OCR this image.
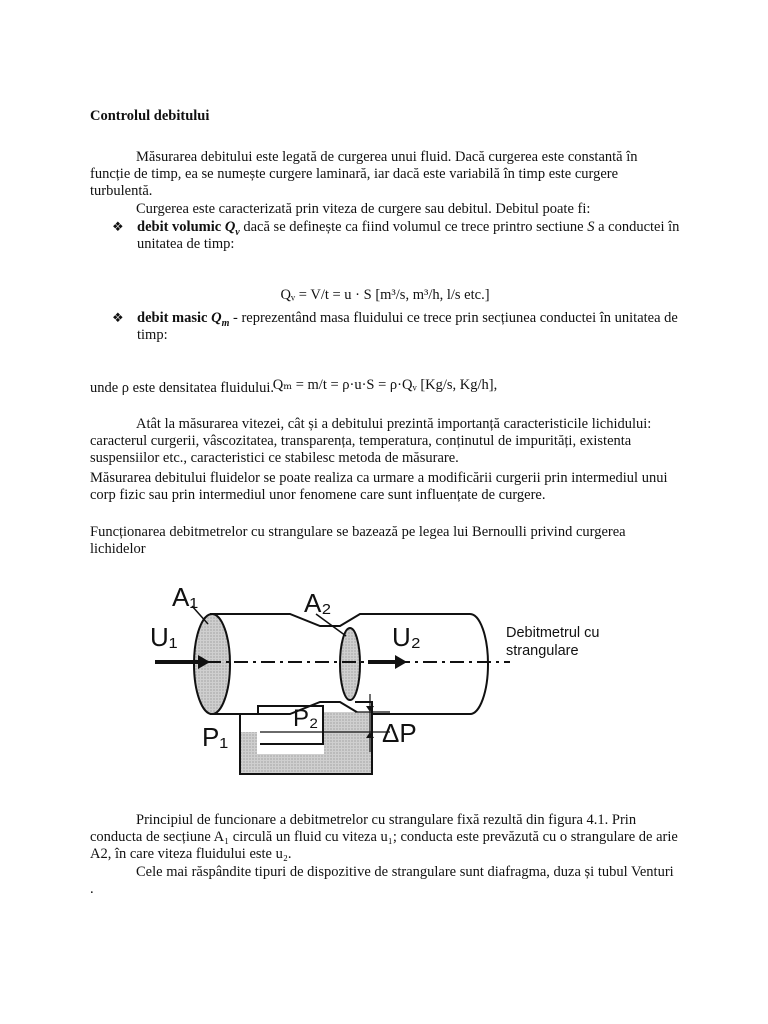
Controlul debitului

Măsurarea debitului este legată de curgerea unui fluid. Dacă curgerea este constantă în funcție de timp, ea se numește curgere laminară, iar dacă este variabilă în timp este curgere turbulentă.

Curgerea este caracterizată prin viteza de curgere sau debitul. Debitul poate fi:

❖ debit volumic $Q_v$ dacă se definește ca fiind volumul ce trece printro sectiune S a conductei în unitatea de timp:

Qᵥ = V/t = u · S [m³/s, m³/h, l/s etc.]

❖ debit masic $Q_m$ - reprezentând masa fluidului ce trece prin secțiunea conductei în unitatea de timp:

Qₘ = m/t = ρ·u·S = ρ·Qᵥ [Kg/s, Kg/h],

unde ρ este densitatea fluidului.

Atât la măsurarea vitezei, cât și a debitului prezintă importanță caracteristicile lichidului: caracterul curgerii, vâscozitatea, transparența, temperatura, conținutul de impurități, existenta suspensiilor etc., caracteristici ce stabilesc metoda de măsurare.

Măsurarea debitului fluidelor se poate realiza ca urmare a modificării curgerii prin intermediul unui corp fizic sau prin intermediul unor fenomene care sunt influențate de curgere.

Funcționarea debitmetrelor cu strangulare se bazează pe legea lui Bernoulli privind curgerea lichidelor

A₁	A₂
U₁	U₂
P₁
P₂ ΔP
Debitmetrul cu strangulare

Principiul de funcionare a debitmetrelor cu strangulare fixă rezultă din figura 4.1. Prin conducta de secțiune A₁ circulă un fluid cu viteza u₁; conducta este prevăzută cu o strangulare de arie A2, în care viteza fluidului este u₂.

Cele mai răspândite tipuri de dispozitive de strangulare sunt diafragma, duza și tubul Venturi .
